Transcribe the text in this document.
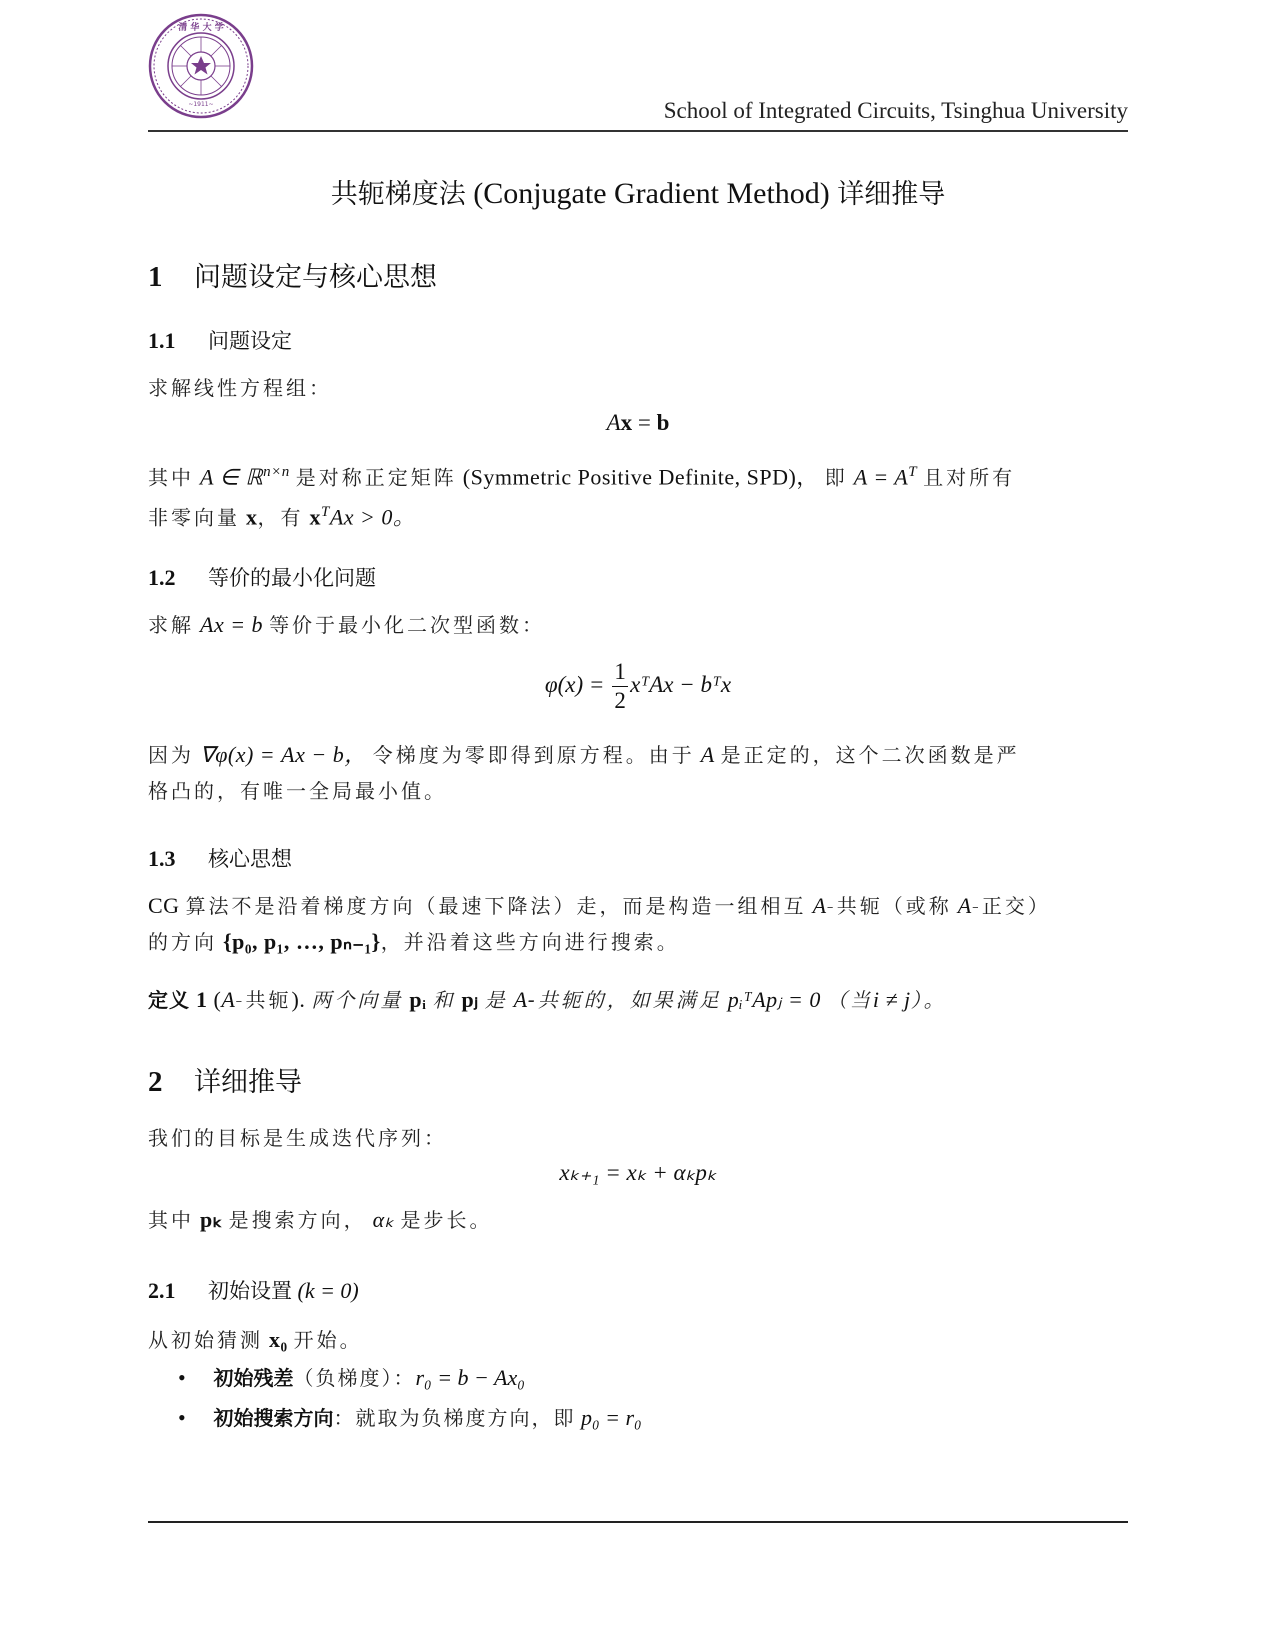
~1911~
清 华 大 学
School of Integrated Circuits, Tsinghua University
共轭梯度法 (Conjugate Gradient Method) 详细推导
1 问题设定与核心思想
1.1 问题设定
求解线性方程组：
Ax = b
其中 A ∈ ℝ$^{n\times n}$ 是对称正定矩阵 (Symmetric Positive Definite, SPD)， 即 $A = A^T$ 且对所有
非零向量 x，有 $x^TAx > 0$。
1.2 等价的最小化问题
求解 Ax = b 等价于最小化二次型函数：
$\varphi(x) = \frac{1}{2}$ xᵀAx − bᵀx
因为 ∇φ(x) = Ax − b， 令梯度为零即得到原方程。由于 A 是正定的，这个二次函数是严
格凸的，有唯一全局最小值。
1.3 核心思想
CG 算法不是沿着梯度方向（最速下降法）走，而是构造一组相互 A-共轭（或称 A-正交）
的方向 {p₀, p₁, …, pₙ₋₁}，并沿着这些方向进行搜索。
定义 1 (A-共轭). 两个向量 pᵢ 和 pⱼ 是 A-共轭的，如果满足 pᵢᵀApⱼ = 0 （当i ≠ j）。
2 详细推导
我们的目标是生成迭代序列：
xₖ₊₁ = xₖ + αₖpₖ
其中 pₖ 是搜索方向， αₖ 是步长。
2.1 初始设置 (k = 0)
从初始猜测 x₀ 开始。
• 初始残差（负梯度）：r₀ = b − Ax₀
• 初始搜索方向：就取为负梯度方向，即 p₀ = r₀
